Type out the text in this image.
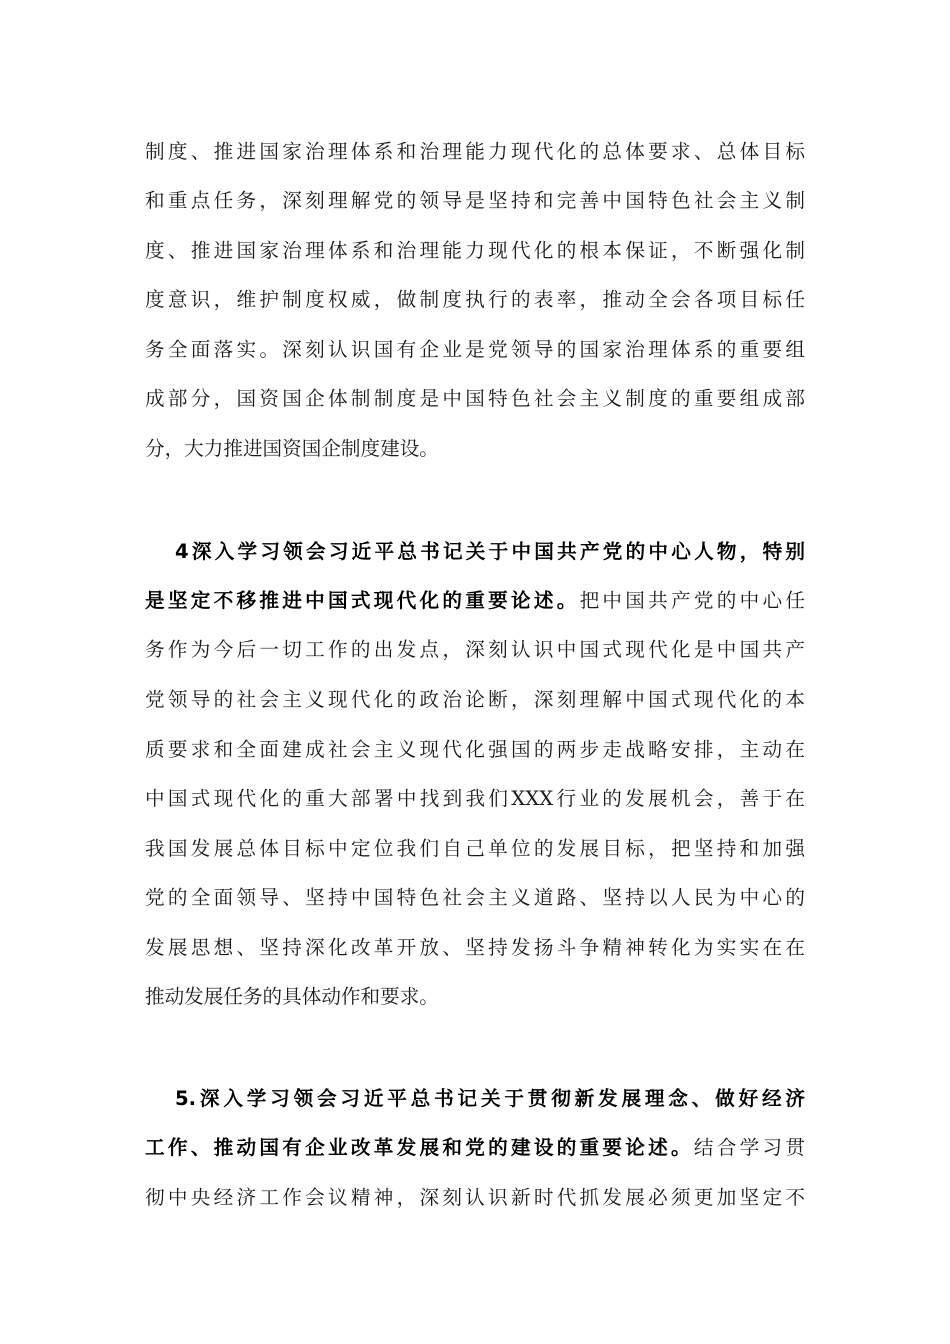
制度、推进国家治理体系和治理能力现代化的总体要求、总体目标
和重点任务，深刻理解党的领导是坚持和完善中国特色社会主义制
度、推进国家治理体系和治理能力现代化的根本保证，不断强化制
度意识，维护制度权威，做制度执行的表率，推动全会各项目标任
务全面落实。深刻认识国有企业是党领导的国家治理体系的重要组
成部分，国资国企体制制度是中国特色社会主义制度的重要组成部
分，大力推进国资国企制度建设。
4深入学习领会习近平总书记关于中国共产党的中心人物，特别
是坚定不移推进中国式现代化的重要论述。把中国共产党的中心任
务作为今后一切工作的出发点，深刻认识中国式现代化是中国共产
党领导的社会主义现代化的政治论断，深刻理解中国式现代化的本
质要求和全面建成社会主义现代化强国的两步走战略安排，主动在
中国式现代化的重大部署中找到我们XXX行业的发展机会，善于在
我国发展总体目标中定位我们自己单位的发展目标，把坚持和加强
党的全面领导、坚持中国特色社会主义道路、坚持以人民为中心的
发展思想、坚持深化改革开放、坚持发扬斗争精神转化为实实在在
推动发展任务的具体动作和要求。
5.深入学习领会习近平总书记关于贯彻新发展理念、做好经济
工作、推动国有企业改革发展和党的建设的重要论述。结合学习贯
彻中央经济工作会议精神，深刻认识新时代抓发展必须更加坚定不
